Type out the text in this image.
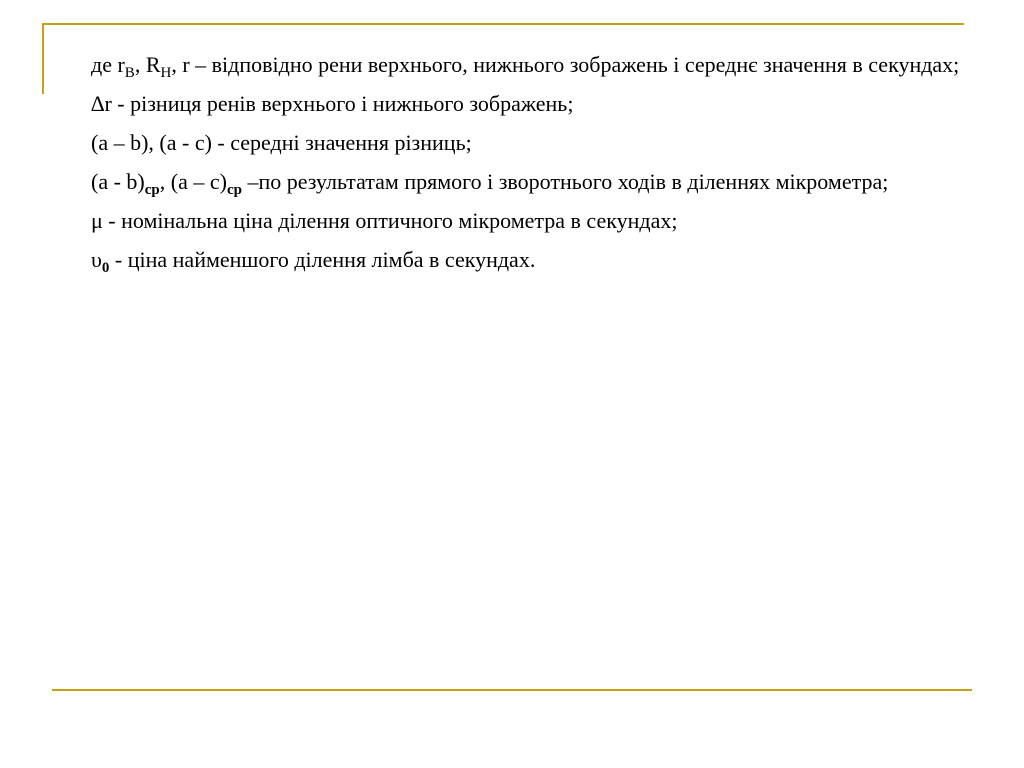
де $r_В$, $R_Н$, r – відповідно рени верхнього, нижнього зображень і середнє значення в секундах;

∆r - різниця ренів верхнього і нижнього зображень;

(a – b), (a - c) - середні значення різниць;

$(a - b)_{ср}$, $(a - c)_{ср}$ –по результатам прямого і зворотнього ходів в діленнях мікрометра;

μ - номінальна ціна ділення оптичного мікрометра в секундах;

$\upsilon_0$ - ціна найменшого ділення лімба в секундах.
